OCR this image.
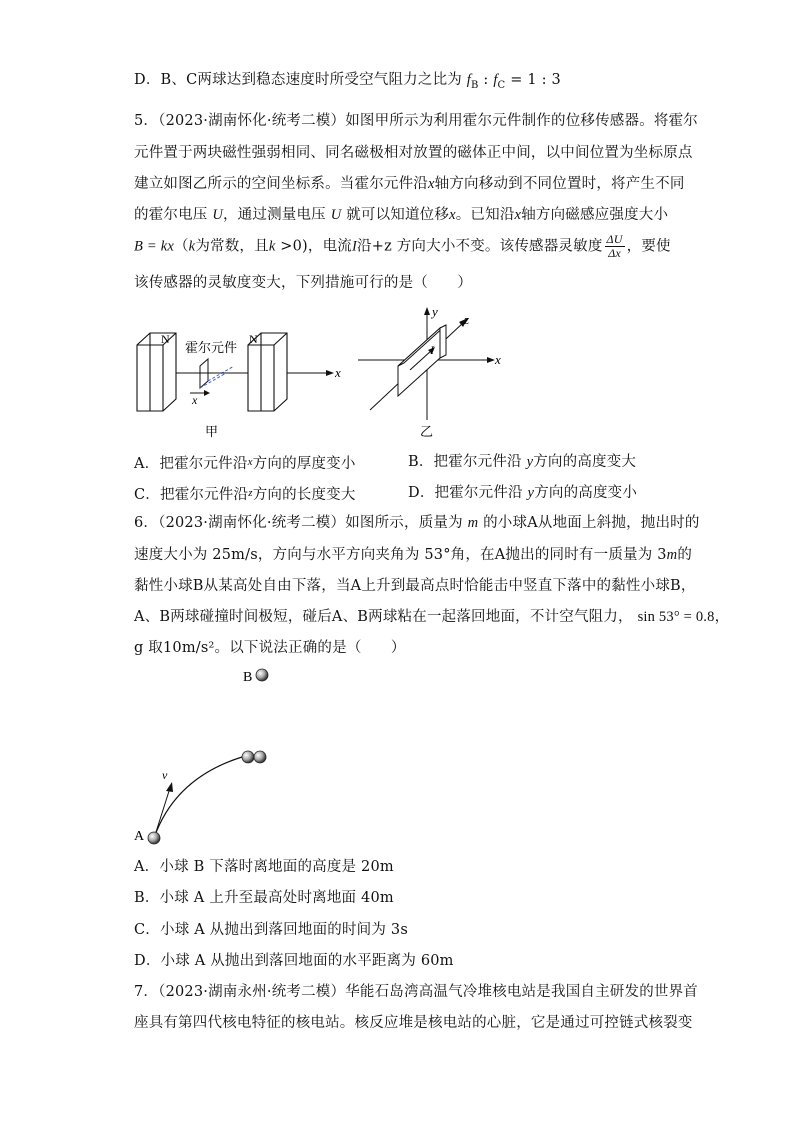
D．B、C两球达到稳态速度时所受空气阻力之比为 $f_B$ : $f_C = 1$ : 3
5．（2023·湖南怀化·统考二模）如图甲所示为利用霍尔元件制作的位移传感器。将霍尔
元件置于两块磁性强弱相同、同名磁极相对放置的磁体正中间，以中间位置为坐标原点
建立如图乙所示的空间坐标系。当霍尔元件沿x轴方向移动到不同位置时，将产生不同
的霍尔电压 U，通过测量电压 U 就可以知道位移x。已知沿x轴方向磁感应强度大小
B = kx（k为常数，且k >0)，电流I沿+z 方向大小不变。该传感器灵敏度 $\frac{\Delta U}{\Delta x}$ ，要使
该传感器的灵敏度变大，下列措施可行的是（　　）
N	N
霍尔元件
x
x
甲
y
x
z
I
乙
A．把霍尔元件沿$^x$方向的厚度变小	B．把霍尔元件沿 y方向的高度变大
C．把霍尔元件沿$^z$方向的长度变大	D．把霍尔元件沿 y方向的高度变小
6．（2023·湖南怀化·统考二模）如图所示，质量为 m 的小球A从地面上斜抛，抛出时的
速度大小为 25m/s，方向与水平方向夹角为 53°角，在A抛出的同时有一质量为 3m的
黏性小球B从某高处自由下落，当A上升到最高点时恰能击中竖直下落中的黏性小球B，
A、B两球碰撞时间极短，碰后A、B两球粘在一起落回地面，不计空气阻力， sin 53° = 0.8，
g 取10m/s²。以下说法正确的是（　　）
B
v
A
A．小球 B 下落时离地面的高度是 20m
B．小球 A 上升至最高处时离地面 40m
C．小球 A 从抛出到落回地面的时间为 3s
D．小球 A 从抛出到落回地面的水平距离为 60m
7．（2023·湖南永州·统考二模）华能石岛湾高温气冷堆核电站是我国自主研发的世界首
座具有第四代核电特征的核电站。核反应堆是核电站的心脏，它是通过可控链式核裂变
